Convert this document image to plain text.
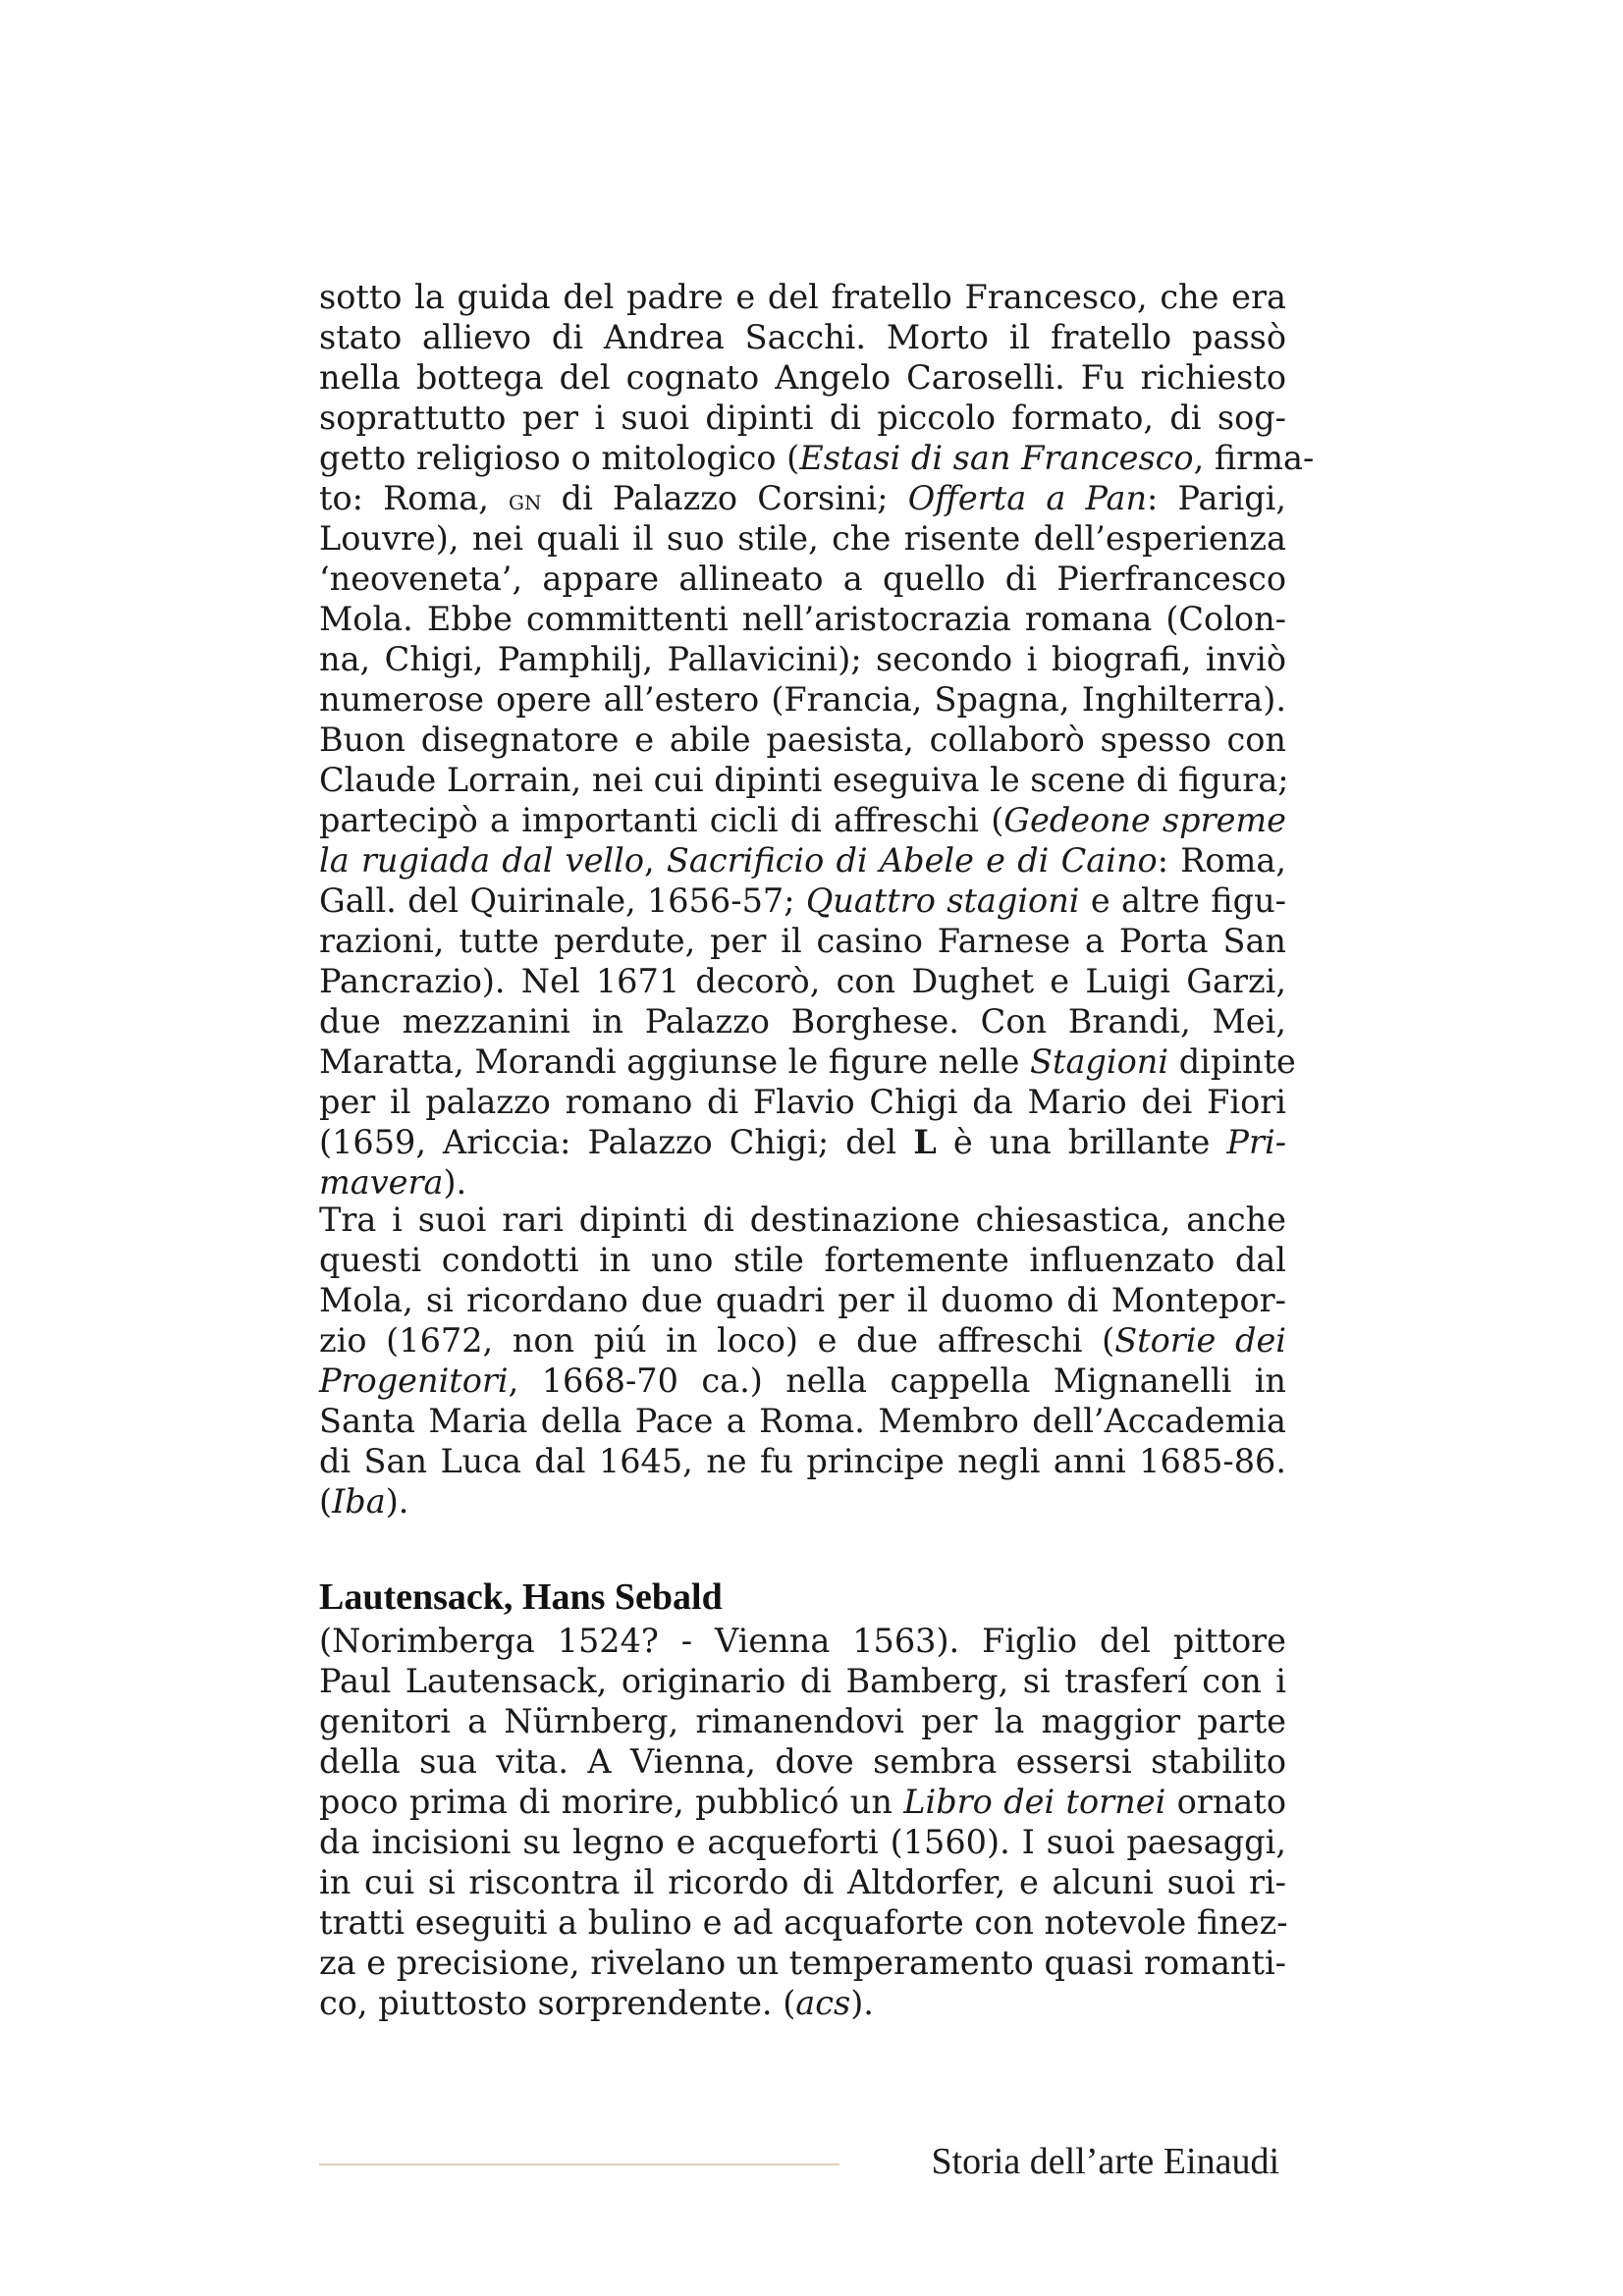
sotto la guida del padre e del fratello Francesco, che era
stato allievo di Andrea Sacchi. Morto il fratello passò
nella bottega del cognato Angelo Caroselli. Fu richiesto
soprattutto per i suoi dipinti di piccolo formato, di sog-
getto religioso o mitologico (Estasi di san Francesco, firma-
to: Roma, gn di Palazzo Corsini; Offerta a Pan: Parigi,
Louvre), nei quali il suo stile, che risente dell’esperienza
‘neoveneta’, appare allineato a quello di Pierfrancesco
Mola. Ebbe committenti nell’aristocrazia romana (Colon-
na, Chigi, Pamphilj, Pallavicini); secondo i biografi, inviò
numerose opere all’estero (Francia, Spagna, Inghilterra).
Buon disegnatore e abile paesista, collaborò spesso con
Claude Lorrain, nei cui dipinti eseguiva le scene di figura;
partecipò a importanti cicli di affreschi (Gedeone spreme
la rugiada dal vello, Sacrificio di Abele e di Caino: Roma,
Gall. del Quirinale, 1656-57; Quattro stagioni e altre figu-
razioni, tutte perdute, per il casino Farnese a Porta San
Pancrazio). Nel 1671 decorò, con Dughet e Luigi Garzi,
due mezzanini in Palazzo Borghese. Con Brandi, Mei,
Maratta, Morandi aggiunse le figure nelle Stagioni dipinte
per il palazzo romano di Flavio Chigi da Mario dei Fiori
(1659, Ariccia: Palazzo Chigi; del L è una brillante Pri-
mavera).
Tra i suoi rari dipinti di destinazione chiesastica, anche
questi condotti in uno stile fortemente influenzato dal
Mola, si ricordano due quadri per il duomo di Montepor-
zio (1672, non piú in loco) e due affreschi (Storie dei
Progenitori, 1668-70 ca.) nella cappella Mignanelli in
Santa Maria della Pace a Roma. Membro dell’Accademia
di San Luca dal 1645, ne fu principe negli anni 1685-86.
(Iba).
Lautensack, Hans Sebald
(Norimberga 1524? - Vienna 1563). Figlio del pittore
Paul Lautensack, originario di Bamberg, si trasferí con i
genitori a Nürnberg, rimanendovi per la maggior parte
della sua vita. A Vienna, dove sembra essersi stabilito
poco prima di morire, pubblicó un Libro dei tornei ornato
da incisioni su legno e acqueforti (1560). I suoi paesaggi,
in cui si riscontra il ricordo di Altdorfer, e alcuni suoi ri-
tratti eseguiti a bulino e ad acquaforte con notevole finez-
za e precisione, rivelano un temperamento quasi romanti-
co, piuttosto sorprendente. (acs).
Storia dell’arte Einaudi
